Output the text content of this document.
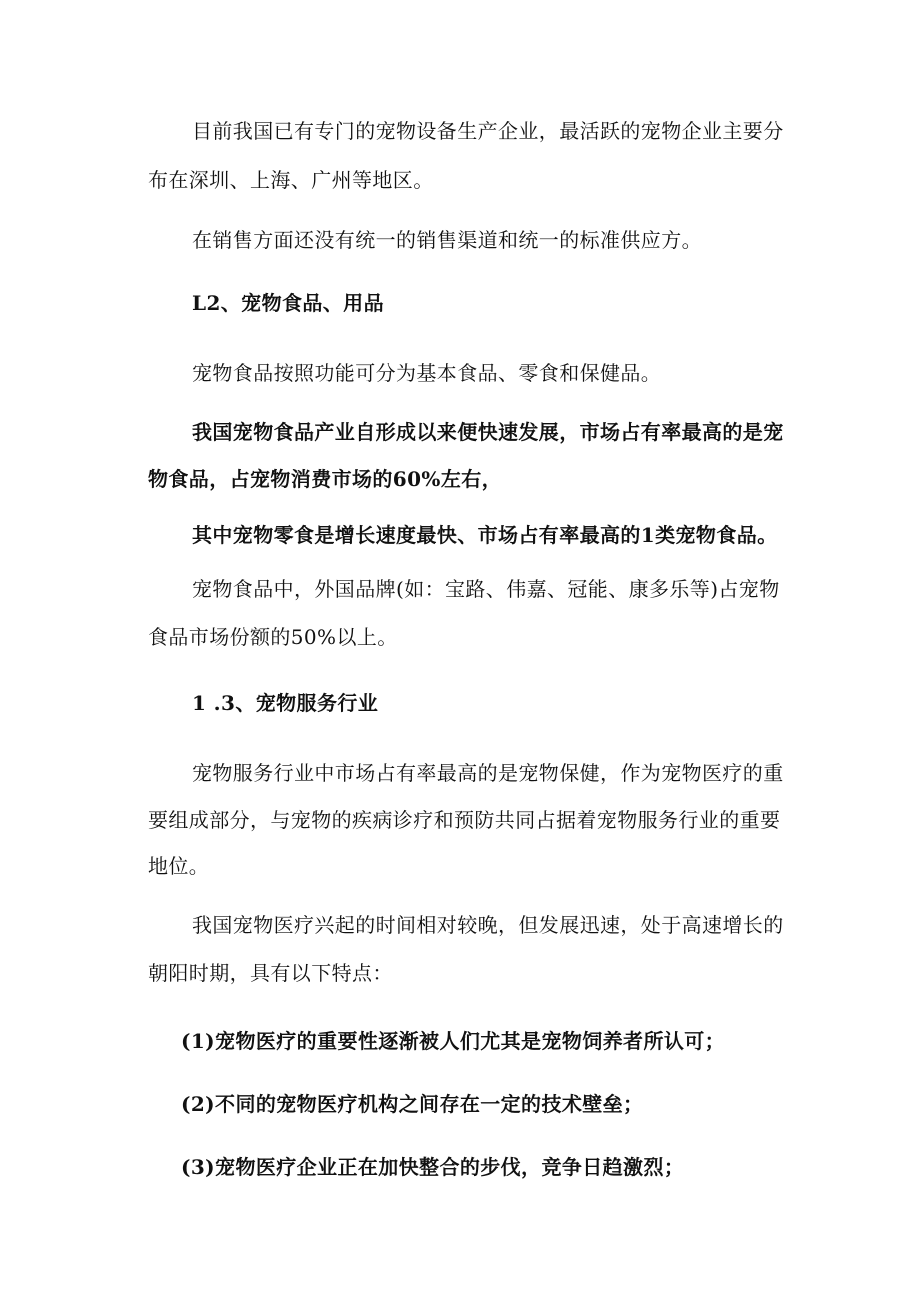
目前我国已有专门的宠物设备生产企业，最活跃的宠物企业主要分
布在深圳、上海、广州等地区。
在销售方面还没有统一的销售渠道和统一的标准供应方。
L2、宠物食品、用品
宠物食品按照功能可分为基本食品、零食和保健品。
我国宠物食品产业自形成以来便快速发展，市场占有率最高的是宠
物食品，占宠物消费市场的60%左右，
其中宠物零食是增长速度最快、市场占有率最高的1类宠物食品。
宠物食品中，外国品牌(如：宝路、伟嘉、冠能、康多乐等)占宠物
食品市场份额的50%以上。
1 .3、宠物服务行业
宠物服务行业中市场占有率最高的是宠物保健，作为宠物医疗的重
要组成部分，与宠物的疾病诊疗和预防共同占据着宠物服务行业的重要
地位。
我国宠物医疗兴起的时间相对较晚，但发展迅速，处于高速增长的
朝阳时期，具有以下特点：
(1)宠物医疗的重要性逐渐被人们尤其是宠物饲养者所认可；
(2)不同的宠物医疗机构之间存在一定的技术壁垒；
(3)宠物医疗企业正在加快整合的步伐，竞争日趋激烈；
